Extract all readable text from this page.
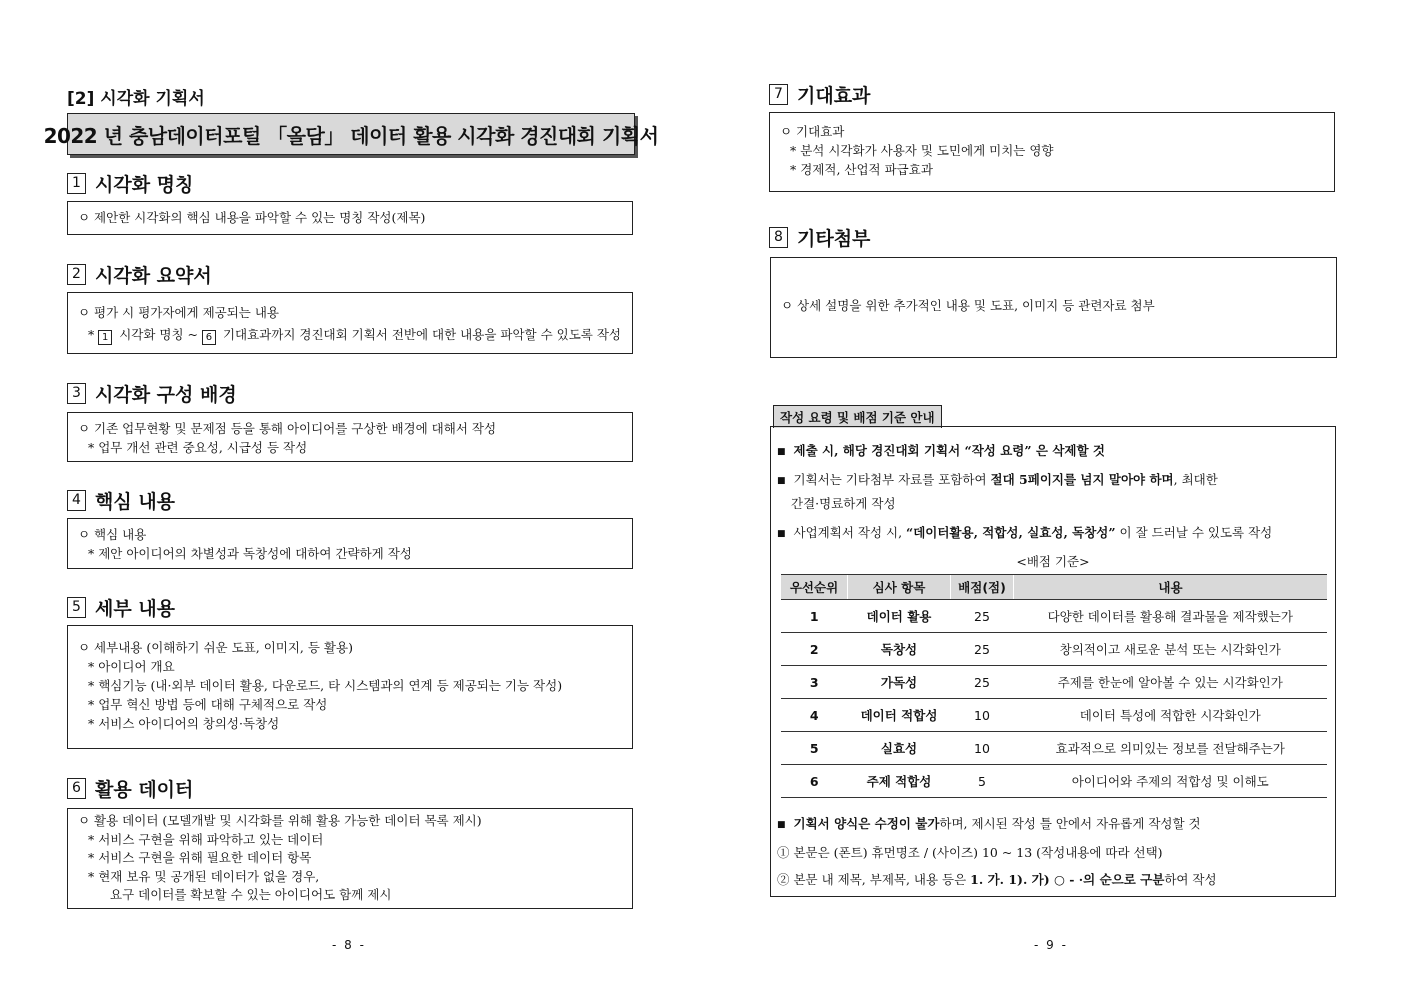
[2] 시각화 기획서
2022 년 충남데이터포털 「올담」 데이터 활용 시각화 경진대회 기획서
1 시각화 명칭
ㅇ 제안한 시각화의 핵심 내용을 파악할 수 있는 명칭 작성(제목)
2 시각화 요약서
ㅇ 평가 시 평가자에게 제공되는 내용
* 1 시각화 명칭 ~ 6 기대효과까지 경진대회 기획서 전반에 대한 내용을 파악할 수 있도록 작성
3 시각화 구성 배경
ㅇ 기존 업무현황 및 문제점 등을 통해 아이디어를 구상한 배경에 대해서 작성
* 업무 개선 관련 중요성, 시급성 등 작성
4 핵심 내용
ㅇ 핵심 내용
* 제안 아이디어의 차별성과 독창성에 대하여 간략하게 작성
5 세부 내용
ㅇ 세부내용 (이해하기 쉬운 도표, 이미지, 등 활용)
* 아이디어 개요
* 핵심기능 (내·외부 데이터 활용, 다운로드, 타 시스템과의 연계 등 제공되는 기능 작성)
* 업무 혁신 방법 등에 대해 구체적으로 작성
* 서비스 아이디어의 창의성·독창성
6 활용 데이터
ㅇ 활용 데이터 (모델개발 및 시각화를 위해 활용 가능한 데이터 목록 제시)
* 서비스 구현을 위해 파악하고 있는 데이터
* 서비스 구현을 위해 필요한 데이터 항목
* 현재 보유 및 공개된 데이터가 없을 경우,
요구 데이터를 확보할 수 있는 아이디어도 함께 제시
- 8 -
7 기대효과
ㅇ 기대효과
* 분석 시각화가 사용자 및 도민에게 미치는 영향
* 경제적, 산업적 파급효과
8 기타첨부
ㅇ 상세 설명을 위한 추가적인 내용 및 도표, 이미지 등 관련자료 첨부
작성 요령 및 배점 기준 안내
■ 제출 시, 해당 경진대회 기획서 “작성 요령” 은 삭제할 것
■ 기획서는 기타첨부 자료를 포함하여 절대 5페이지를 넘지 말아야 하며, 최대한
간결·명료하게 작성
■ 사업계획서 작성 시, “데이터활용, 적합성, 실효성, 독창성” 이 잘 드러날 수 있도록 작성
<배점 기준>
우선순위	심사 항목	배점(점)	내용
1	데이터 활용	25	다양한 데이터를 활용해 결과물을 제작했는가
2	독창성	25	창의적이고 새로운 분석 또는 시각화인가
3	가독성	25	주제를 한눈에 알아볼 수 있는 시각화인가
4	데이터 적합성	10	데이터 특성에 적합한 시각화인가
5	실효성	10	효과적으로 의미있는 정보를 전달해주는가
6	주제 적합성	5	아이디어와 주제의 적합성 및 이해도
■ 기획서 양식은 수정이 불가하며, 제시된 작성 틀 안에서 자유롭게 작성할 것
① 본문은 (폰트) 휴먼명조 / (사이즈) 10 ~ 13 (작성내용에 따라 선택)
② 본문 내 제목, 부제목, 내용 등은 1. 가. 1). 가) ○ - ·의 순으로 구분하여 작성
- 9 -
